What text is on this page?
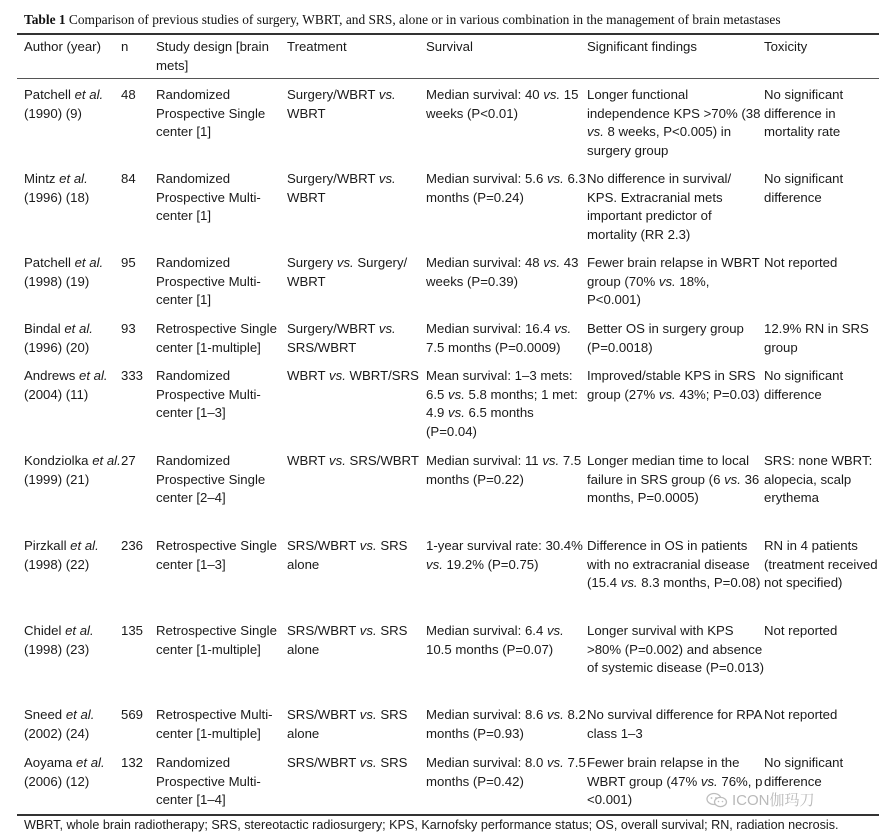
Table 1 Comparison of previous studies of surgery, WBRT, and SRS, alone or in various combination in the management of brain metastases
Author (year)	n	Study design [brain mets]	Treatment	Survival	Significant findings	Toxicity
Patchell et al. (1990) (9)	48	Randomized Prospective Single center [1]	Surgery/WBRT vs. WBRT	Median survival: 40 vs. 15 weeks (P<0.01)	Longer functional independence KPS >70% (38 vs. 8 weeks, P<0.005) in surgery group	No significant difference in mortality rate
Mintz et al. (1996) (18)	84	Randomized Prospective Multi-center [1]	Surgery/WBRT vs. WBRT	Median survival: 5.6 vs. 6.3 months (P=0.24)	No difference in survival/ KPS. Extracranial mets important predictor of mortality (RR 2.3)	No significant difference
Patchell et al. (1998) (19)	95	Randomized Prospective Multi-center [1]	Surgery vs. Surgery/ WBRT	Median survival: 48 vs. 43 weeks (P=0.39)	Fewer brain relapse in WBRT group (70% vs. 18%, P<0.001)	Not reported
Bindal et al. (1996) (20)	93	Retrospective Single center [1-multiple]	Surgery/WBRT vs. SRS/WBRT	Median survival: 16.4 vs. 7.5 months (P=0.0009)	Better OS in surgery group (P=0.0018)	12.9% RN in SRS group
Andrews et al. (2004) (11)	333	Randomized Prospective Multi-center [1–3]	WBRT vs. WBRT/SRS	Mean survival: 1–3 mets: 6.5 vs. 5.8 months; 1 met: 4.9 vs. 6.5 months (P=0.04)	Improved/stable KPS in SRS group (27% vs. 43%; P=0.03)	No significant difference
Kondziolka et al. (1999) (21)	27	Randomized Prospective Single center [2–4]	WBRT vs. SRS/WBRT	Median survival: 11 vs. 7.5 months (P=0.22)	Longer median time to local failure in SRS group (6 vs. 36 months, P=0.0005)	SRS: none WBRT: alopecia, scalp erythema
Pirzkall et al. (1998) (22)	236	Retrospective Single center [1–3]	SRS/WBRT vs. SRS alone	1-year survival rate: 30.4% vs. 19.2% (P=0.75)	Difference in OS in patients with no extracranial disease (15.4 vs. 8.3 months, P=0.08)	RN in 4 patients (treatment received not specified)
Chidel et al. (1998) (23)	135	Retrospective Single center [1-multiple]	SRS/WBRT vs. SRS alone	Median survival: 6.4 vs. 10.5 months (P=0.07)	Longer survival with KPS >80% (P=0.002) and absence of systemic disease (P=0.013)	Not reported
Sneed et al. (2002) (24)	569	Retrospective Multi-center [1-multiple]	SRS/WBRT vs. SRS alone	Median survival: 8.6 vs. 8.2 months (P=0.93)	No survival difference for RPA class 1–3	Not reported
Aoyama et al. (2006) (12)	132	Randomized Prospective Multi-center [1–4]	SRS/WBRT vs. SRS	Median survival: 8.0 vs. 7.5 months (P=0.42)	Fewer brain relapse in the WBRT group (47% vs. 76%, p <0.001)	No significant difference
WBRT, whole brain radiotherapy; SRS, stereotactic radiosurgery; KPS, Karnofsky performance status; OS, overall survival; RN, radiation necrosis.
ICON伽玛刀
